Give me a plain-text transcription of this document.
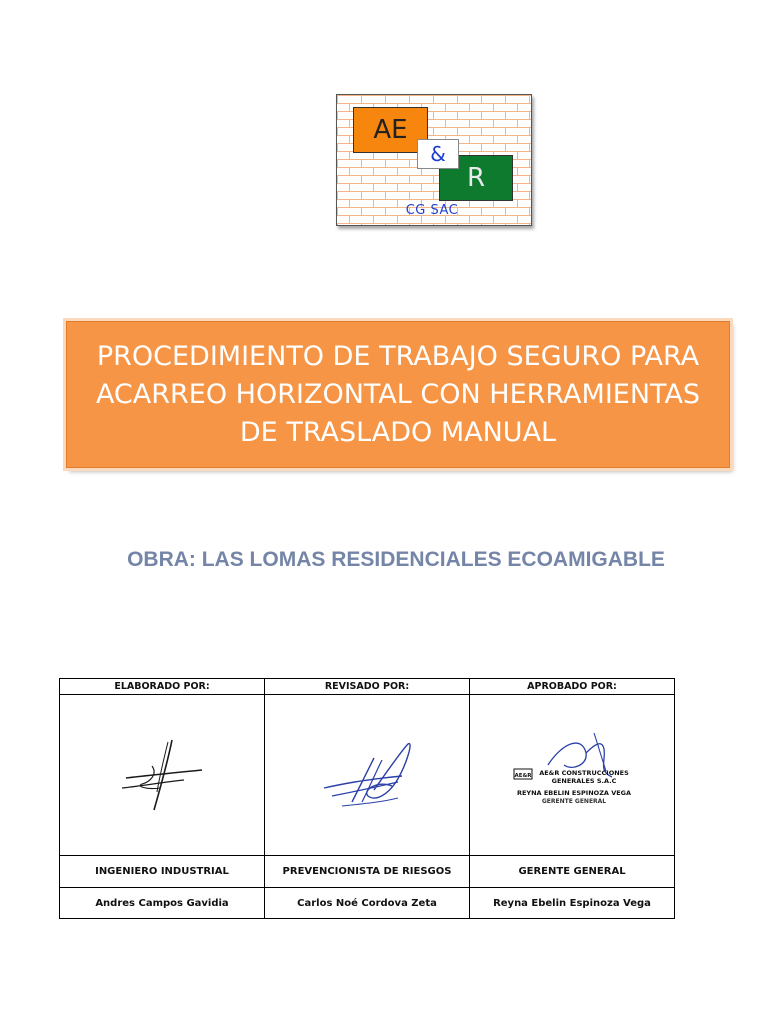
AE
R
&
CG SAC

PROCEDIMIENTO DE TRABAJO SEGURO PARA ACARREO HORIZONTAL CON HERRAMIENTAS DE TRASLADO MANUAL

OBRA: LAS LOMAS RESIDENCIALES ECOAMIGABLE
ELABORADO POR:	REVISADO POR:	APROBADO POR:

AE&R AE&R CONSTRUCCIONES
GENERALES S.A.C
REYNA EBELIN ESPINOZA VEGA
GERENTE GENERAL

INGENIERO INDUSTRIAL	PREVENCIONISTA DE RIESGOS	GERENTE GENERAL
Andres Campos Gavidia	Carlos Noé Cordova Zeta	Reyna Ebelin Espinoza Vega
